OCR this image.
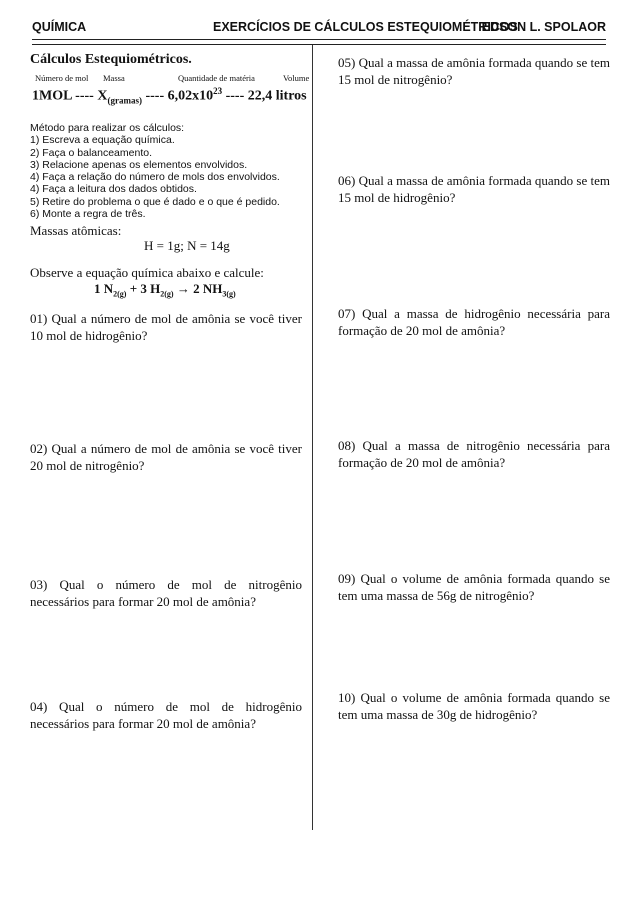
QUÍMICA	EXERCÍCIOS DE CÁLCULOS ESTEQUIOMÉTRICOS
EDSON L. SPOLAOR
Cálculos Estequiométricos.
Número de mol Massa	Quantidade de matéria	Volume
1MOL ---- $X_{(gramas)}$ ---- $6,02x10^{23}$ ---- 22,4 litros
Método para realizar os cálculos:
1) Escreva a equação química.
2) Faça o balanceamento.
3) Relacione apenas os elementos envolvidos.
4) Faça a relação do número de mols dos envolvidos.
4) Faça a leitura dos dados obtidos.
5) Retire do problema o que é dado e o que é pedido.
6) Monte a regra de três.
Massas atômicas:
H = 1g; N = 14g
Observe a equação química abaixo e calcule:
1 $N_{2(g)} + 3$ $H_{2(g)} \to 2$ $NH_{3(g)}$
01) Qual a número de mol de amônia se você tiver 10 mol de hidrogênio?
02) Qual a número de mol de amônia se você tiver 20 mol de nitrogênio?
03) Qual o número de mol de nitrogênio necessários para formar 20 mol de amônia?
04) Qual o número de mol de hidrogênio necessários para formar 20 mol de amônia?
05) Qual a massa de amônia formada quando se tem 15 mol de nitrogênio?
06) Qual a massa de amônia formada quando se tem 15 mol de hidrogênio?
07) Qual a massa de hidrogênio necessária para formação de 20 mol de amônia?
08) Qual a massa de nitrogênio necessária para formação de 20 mol de amônia?
09) Qual o volume de amônia formada quando se tem uma massa de 56g de nitrogênio?
10) Qual o volume de amônia formada quando se tem uma massa de 30g de hidrogênio?
